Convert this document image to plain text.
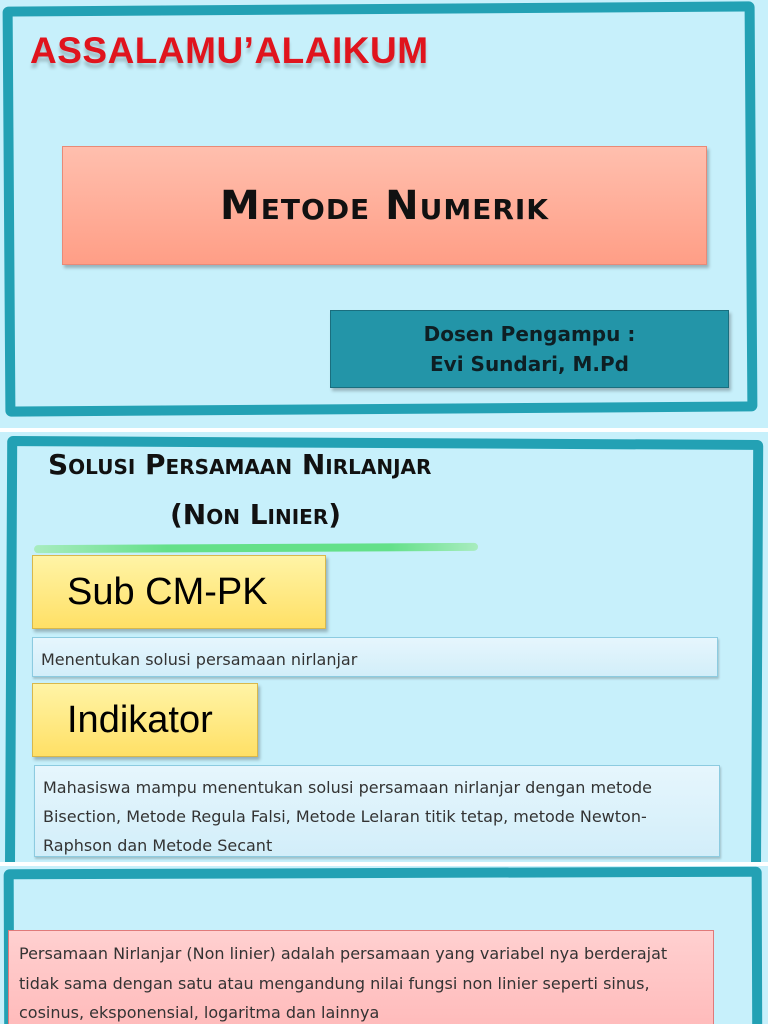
ASSALAMU’ALAIKUM
Metode Numerik
Dosen Pengampu :
Evi Sundari, M.Pd
Solusi Persamaan Nirlanjar
(Non Linier)
Sub CM-PK
Menentukan solusi persamaan nirlanjar
Indikator
Mahasiswa mampu menentukan solusi persamaan nirlanjar dengan metode Bisection, Metode Regula Falsi, Metode Lelaran titik tetap, metode Newton-Raphson dan Metode Secant
Persamaan Nirlanjar (Non linier) adalah persamaan yang variabel nya berderajat tidak sama dengan satu atau mengandung nilai fungsi non linier seperti sinus, cosinus, eksponensial, logaritma dan lainnya
